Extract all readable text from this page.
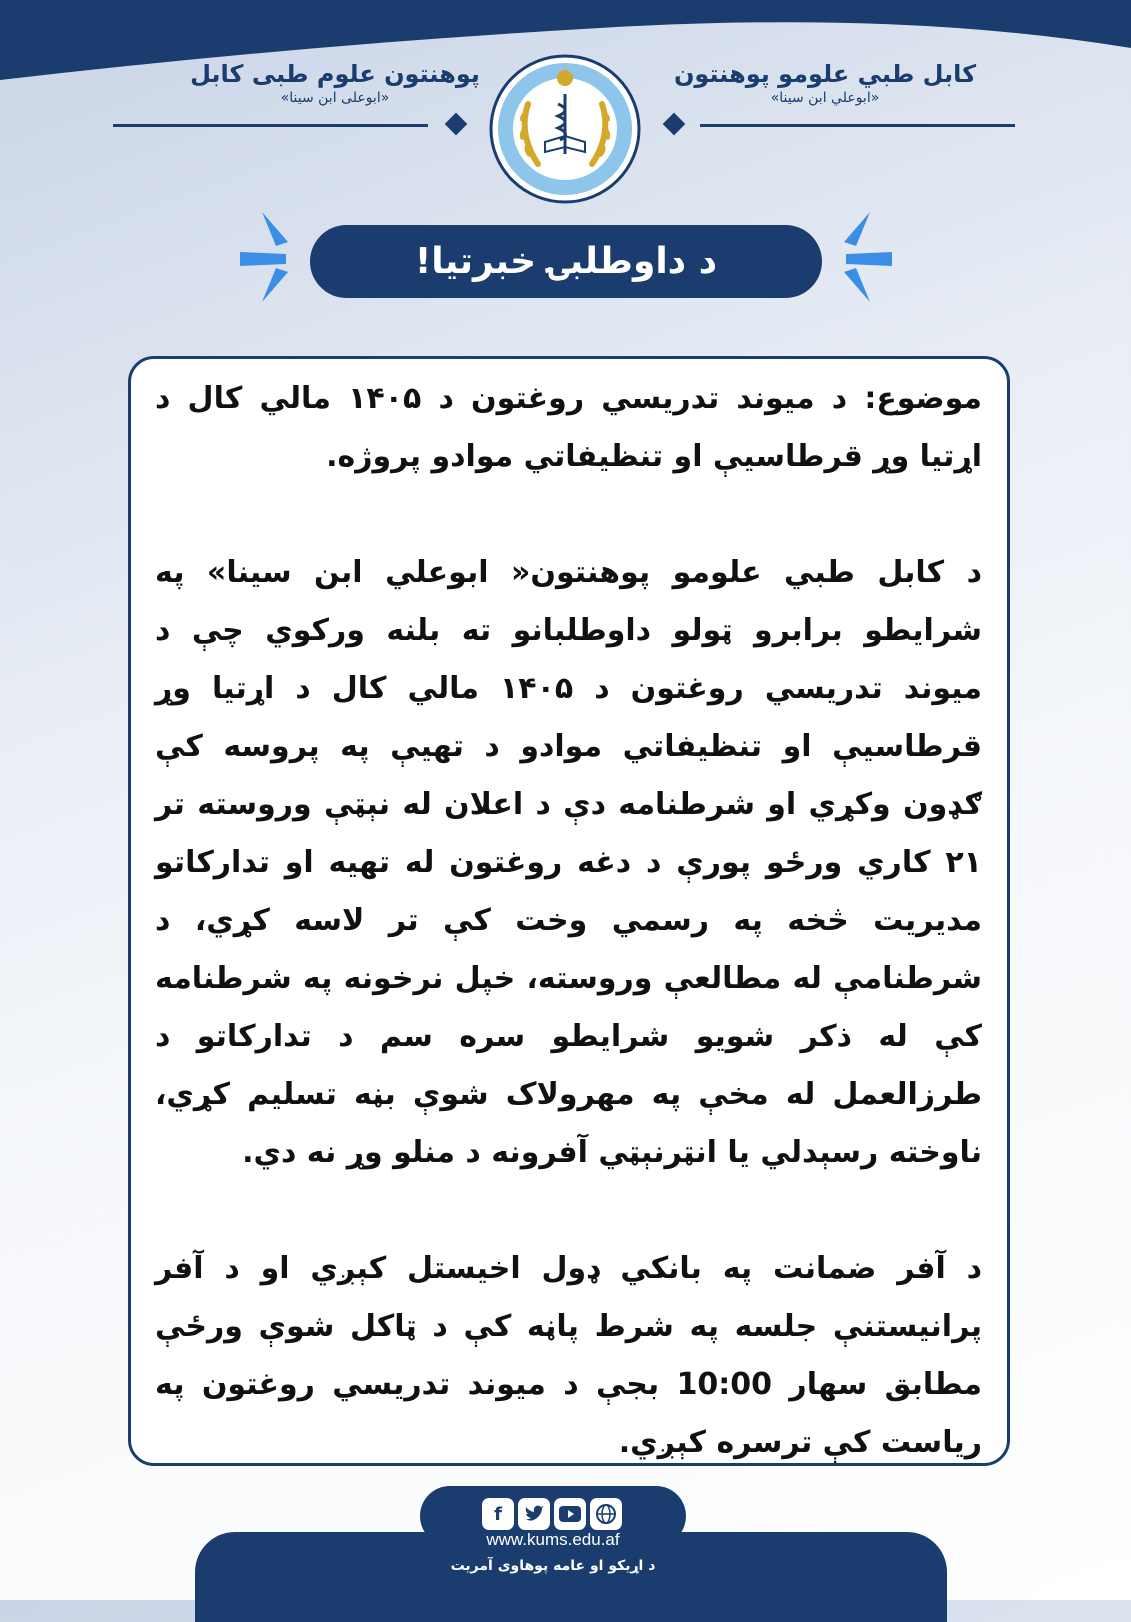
کابل طبي علومو پوهنتون
«ابوعلي ابن سینا»
پوهنتون علوم طبی کابل
«ابوعلی ابن سینا»
د داوطلبۍ خبرتیا!

موضوع: د میوند تدریسي روغتون د ۱۴۰۵ مالي کال د اړتیا وړ قرطاسیې او تنظیفاتي موادو پروژه.

د کابل طبي علومو پوهنتون« ابوعلي ابن سینا» په شرایطو برابرو ټولو داوطلبانو ته بلنه ورکوي چې د میوند تدریسي روغتون د ۱۴۰۵ مالي کال د اړتیا وړ قرطاسیې او تنظیفاتي موادو د تهیې په پروسه کې ګډون وکړي او شرطنامه دې د اعلان له نېټې وروسته تر ۲۱ کاري ورځو پورې د دغه روغتون له تهیه او تدارکاتو مدیریت څخه په رسمي وخت کې تر لاسه کړي، د شرطنامې له مطالعې وروسته، خپل نرخونه په شرطنامه کې له ذکر شویو شرایطو سره سم د تدارکاتو د طرزالعمل له مخې په مهرولاک شوې بڼه تسلیم کړي، ناوخته رسېدلي یا انټرنېټي آفرونه د منلو وړ نه دي.

د آفر ضمانت په بانکي ډول اخیستل کېږي او د آفر پرانیستنې جلسه په شرط پاڼه کې د ټاکل شوې ورځې مطابق سهار 10:00 بجې د میوند تدریسي روغتون په ریاست کې ترسره کېږي.

f
www.kums.edu.af
د اړیکو او عامه پوهاوی آمریت
